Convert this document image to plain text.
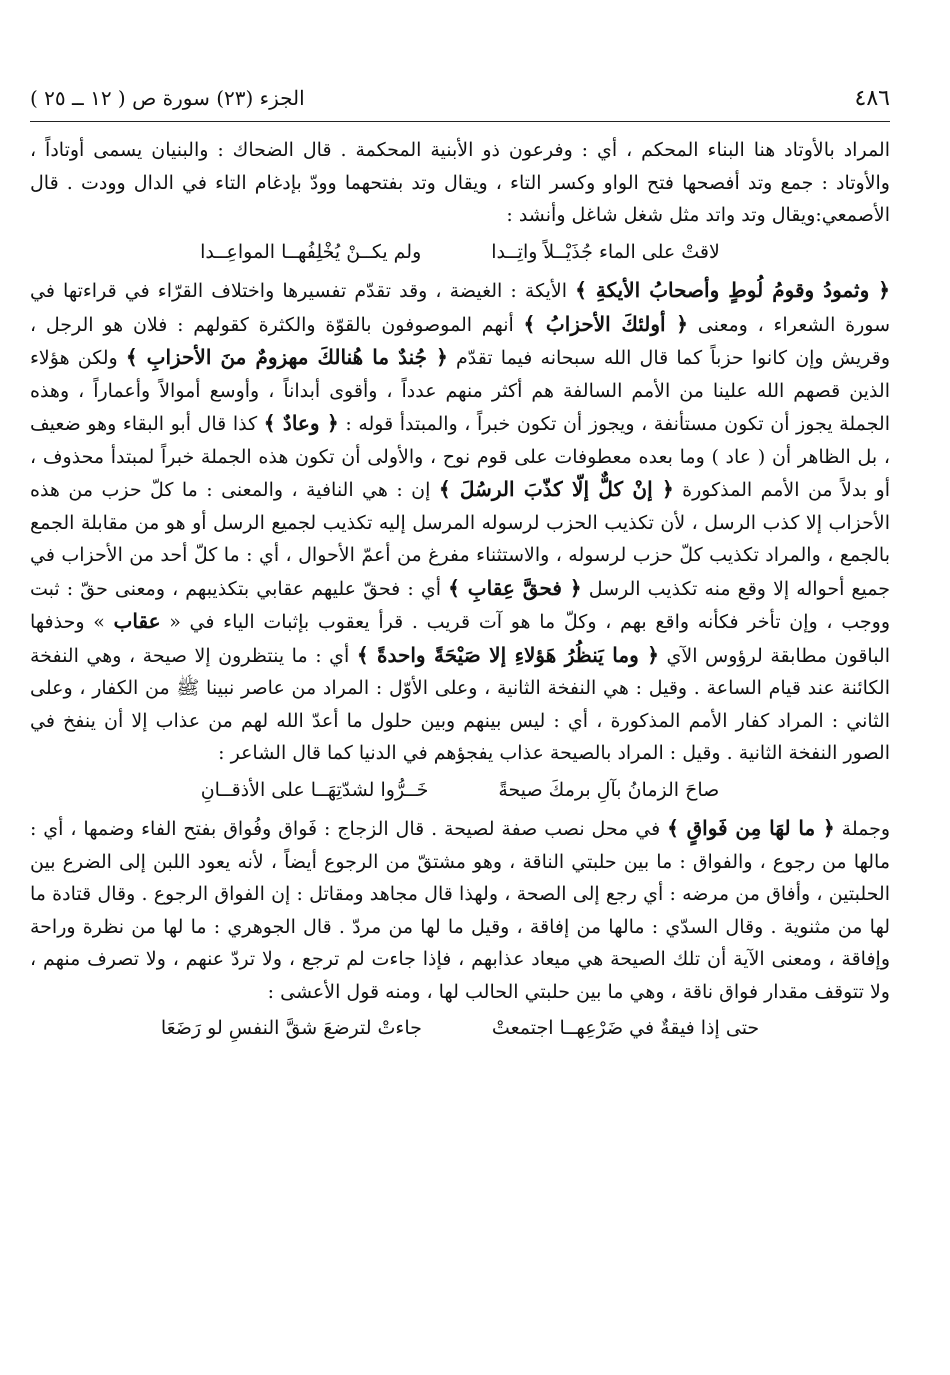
٤٨٦
الجزء (٢٣) سورة ص ( ١٢ ــ ٢٥ )

المراد بالأوتاد هنا البناء المحكم ، أي : وفرعون ذو الأبنية المحكمة . قال الضحاك : والبنيان يسمى أوتاداً ، والأوتاد : جمع وتد أفصحها فتح الواو وكسر التاء ، ويقال وتد بفتحهما وودّ بإدغام التاء في الدال وودت . قال الأصمعي:ويقال وتد واتد مثل شغل شاغل وأنشد :

لاقتْ على الماء جُذَيْــلاً واتِــدا
ولم يكــنْ يُخْلِفُهــا المواعِــدا

﴿ وثمودُ وقومُ لُوطٍ وأصحابُ الأيكةِ ﴾ الأيكة : الغيضة ، وقد تقدّم تفسيرها واختلاف القرّاء في قراءتها في سورة الشعراء ، ومعنى ﴿ أولئكَ الأحزابُ ﴾ أنهم الموصوفون بالقوّة والكثرة كقولهم : فلان هو الرجل ، وقريش وإن كانوا حزباً كما قال الله سبحانه فيما تقدّم ﴿ جُندٌ ما هُنالكَ مهزومٌ منَ الأحزابِ ﴾ ولكن هؤلاء الذين قصهم الله علينا من الأمم السالفة هم أكثر منهم عدداً ، وأقوى أبداناً ، وأوسع أموالاً وأعماراً ، وهذه الجملة يجوز أن تكون مستأنفة ، ويجوز أن تكون خبراً ، والمبتدأ قوله : ﴿ وعادٌ ﴾ كذا قال أبو البقاء وهو ضعيف ، بل الظاهر أن ( عاد ) وما بعده معطوفات على قوم نوح ، والأولى أن تكون هذه الجملة خبراً لمبتدأ محذوف ، أو بدلاً من الأمم المذكورة ﴿ إنْ كلٌّ إلّا كذّبَ الرسُلَ ﴾ إن : هي النافية ، والمعنى : ما كلّ حزب من هذه الأحزاب إلا كذب الرسل ، لأن تكذيب الحزب لرسوله المرسل إليه تكذيب لجميع الرسل أو هو من مقابلة الجمع بالجمع ، والمراد تكذيب كلّ حزب لرسوله ، والاستثناء مفرغ من أعمّ الأحوال ، أي : ما كلّ أحد من الأحزاب في جميع أحواله إلا وقع منه تكذيب الرسل ﴿ فحقَّ عِقابِ ﴾ أي : فحقّ عليهم عقابي بتكذيبهم ، ومعنى حقّ : ثبت ووجب ، وإن تأخر فكأنه واقع بهم ، وكلّ ما هو آت قريب . قرأ يعقوب بإثبات الياء في « عقاب » وحذفها الباقون مطابقة لرؤوس الآي ﴿ وما يَنظُرُ هَؤلاءِ إلا صَيْحَةً واحدةً ﴾ أي : ما ينتظرون إلا صيحة ، وهي النفخة الكائنة عند قيام الساعة . وقيل : هي النفخة الثانية ، وعلى الأوّل : المراد من عاصر نبينا ﷺ من الكفار ، وعلى الثاني : المراد كفار الأمم المذكورة ، أي : ليس بينهم وبين حلول ما أعدّ الله لهم من عذاب إلا أن ينفخ في الصور النفخة الثانية . وقيل : المراد بالصيحة عذاب يفجؤهم في الدنيا كما قال الشاعر :

صاحَ الزمانُ بآلِ برمكَ صيحةً
خَــرُّوا لشدّتِهَــا على الأذقــانِ

وجملة ﴿ ما لهَا مِن فَواقٍ ﴾ في محل نصب صفة لصيحة . قال الزجاج : فَواق وفُواق بفتح الفاء وضمها ، أي : مالها من رجوع ، والفواق : ما بين حلبتي الناقة ، وهو مشتقّ من الرجوع أيضاً ، لأنه يعود اللبن إلى الضرع بين الحلبتين ، وأفاق من مرضه : أي رجع إلى الصحة ، ولهذا قال مجاهد ومقاتل : إن الفواق الرجوع . وقال قتادة ما لها من مثنوية . وقال السدّي : مالها من إفاقة ، وقيل ما لها من مردّ . قال الجوهري : ما لها من نظرة وراحة وإفاقة ، ومعنى الآية أن تلك الصيحة هي ميعاد عذابهم ، فإذا جاءت لم ترجع ، ولا تردّ عنهم ، ولا تصرف منهم ، ولا تتوقف مقدار فواق ناقة ، وهي ما بين حلبتي الحالب لها ، ومنه قول الأعشى :

حتى إذا فيقةٌ في ضَرْعِهــا اجتمعتْ
جاءتْ لترضعَ شقَّ النفسِ لو رَضَعَا
